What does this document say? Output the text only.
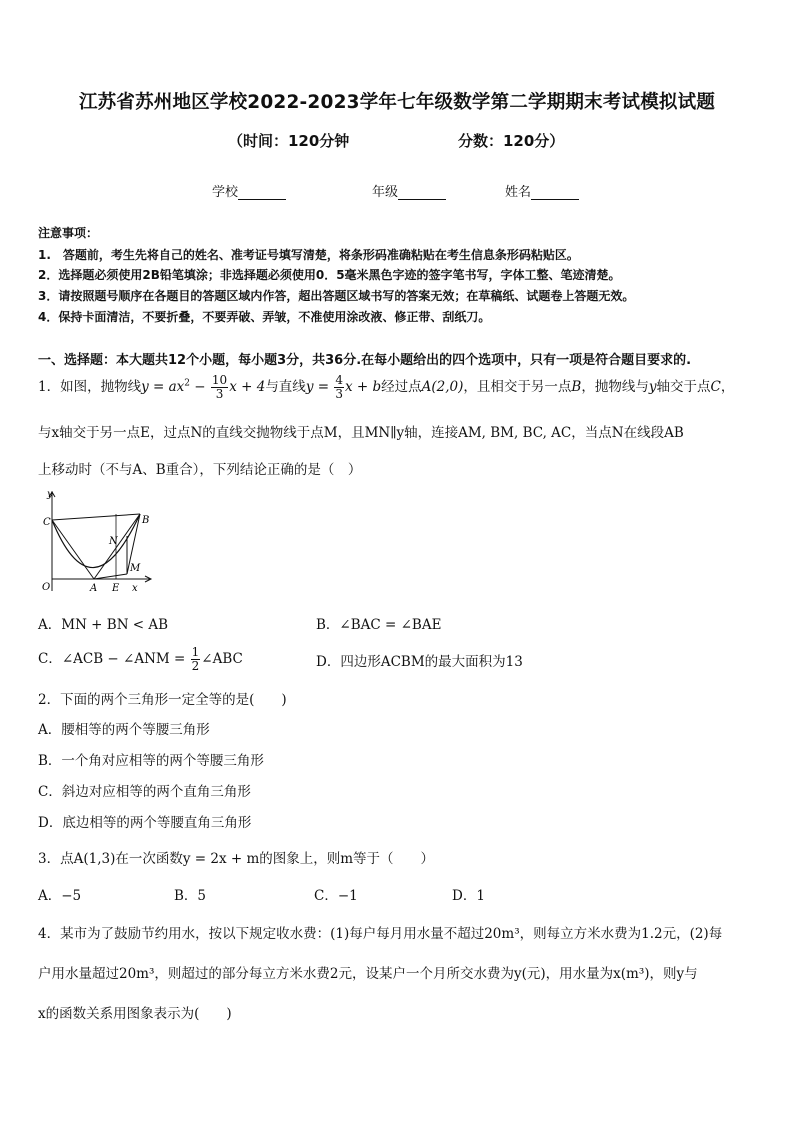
江苏省苏州地区学校2022-2023学年七年级数学第二学期期末考试模拟试题
（时间：120分钟	分数：120分）
学校	年级	姓名
注意事项：
1.　答题前，考生先将自己的姓名、准考证号填写清楚，将条形码准确粘贴在考生信息条形码粘贴区。
2．选择题必须使用2B铅笔填涂；非选择题必须使用0．5毫米黑色字迹的签字笔书写，字体工整、笔迹清楚。
3．请按照题号顺序在各题目的答题区域内作答，超出答题区域书写的答案无效；在草稿纸、试题卷上答题无效。
4．保持卡面清洁，不要折叠，不要弄破、弄皱，不准使用涂改液、修正带、刮纸刀。
一、选择题：本大题共12个小题，每小题3分，共36分.在每小题给出的四个选项中，只有一项是符合题目要求的.
1．如图，抛物线$y = ax^2 - \frac{10}{3}$ x + 4与直线$y = \frac{4}{3}$ x + b经过点A(2,0)，且相交于另一点B，抛物线与y轴交于点C，
与x轴交于另一点E，过点N的直线交抛物线于点M，且MN∥y轴，连接AM, BM, BC, AC，当点N在线段AB
上移动时（不与A、B重合），下列结论正确的是（　）
y
C	B
N
M
O	A E x
A．MN + BN < AB	B．∠BAC = ∠BAE
C．∠ACB − ∠ANM = $\frac{1}{2}$ ∠ABC	D．四边形ACBM的最大面积为13
2．下面的两个三角形一定全等的是(　　)
A．腰相等的两个等腰三角形
B．一个角对应相等的两个等腰三角形
C．斜边对应相等的两个直角三角形
D．底边相等的两个等腰直角三角形
3．点A(1,3)在一次函数y = 2x + m的图象上，则m等于（　　）
A．−5	B．5	C．−1	D．1
4．某市为了鼓励节约用水，按以下规定收水费：(1)每户每月用水量不超过20m³，则每立方米水费为1.2元，(2)每
户用水量超过20m³，则超过的部分每立方米水费2元，设某户一个月所交水费为y(元)，用水量为x(m³)，则y与
x的函数关系用图象表示为(　　)
